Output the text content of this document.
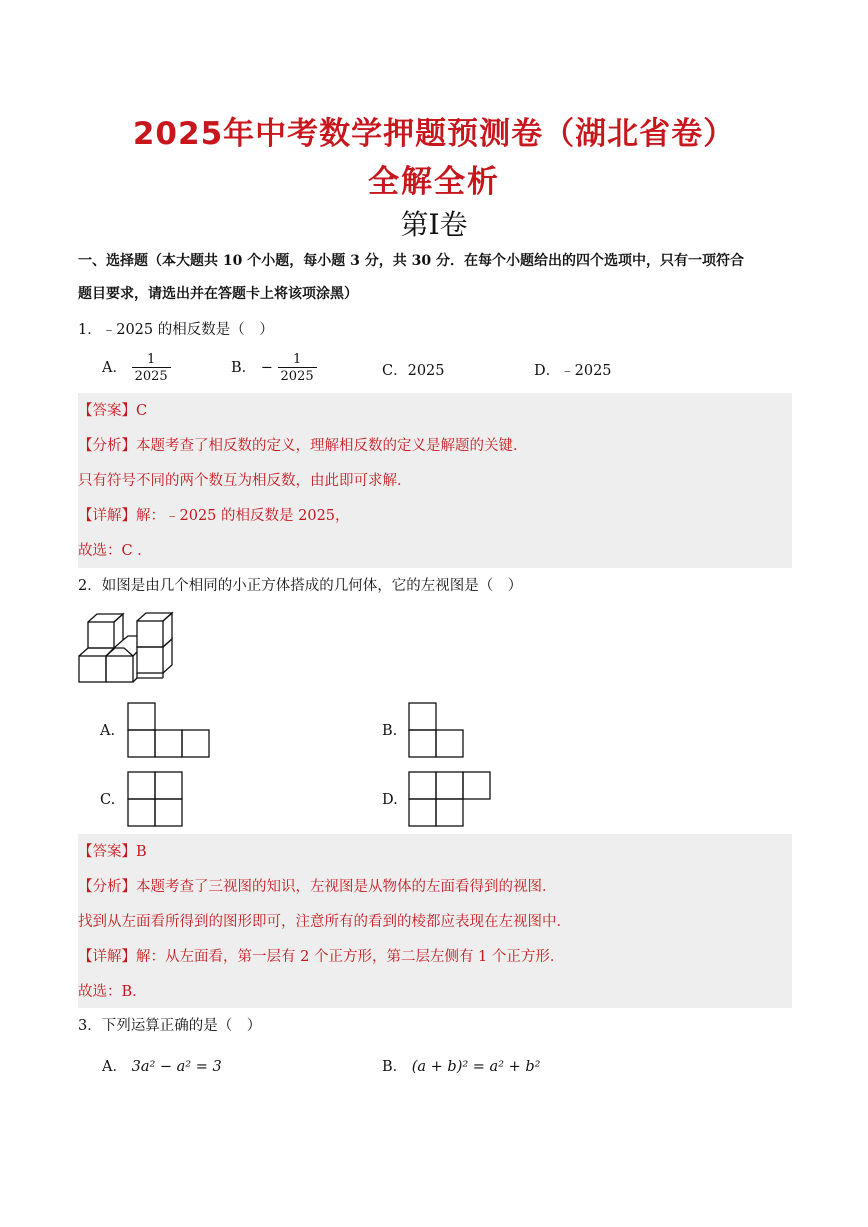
2025年中考数学押题预测卷（湖北省卷）
全解全析
第I卷
一、选择题（本大题共 10 个小题，每小题 3 分，共 30 分．在每个小题给出的四个选项中，只有一项符合
题目要求，请选出并在答题卡上将该项涂黑）
1．﹣2025 的相反数是（　）
A． $\frac{1}{2025}$	B． − $\frac{1}{2025}$	C．2025	D．﹣2025
【答案】C
【分析】本题考查了相反数的定义，理解相反数的定义是解题的关键．
只有符号不同的两个数互为相反数，由此即可求解．
【详解】解：﹣2025 的相反数是 2025，
故选：C ．
2．如图是由几个相同的小正方体搭成的几何体，它的左视图是（　）
A.	B.
C.	D.
【答案】B
【分析】本题考查了三视图的知识，左视图是从物体的左面看得到的视图．
找到从左面看所得到的图形即可，注意所有的看到的棱都应表现在左视图中．
【详解】解：从左面看，第一层有 2 个正方形，第二层左侧有 1 个正方形．
故选：B．
3．下列运算正确的是（　）
A． 3a² − a² = 3	B． (a + b)² = a² + b²
